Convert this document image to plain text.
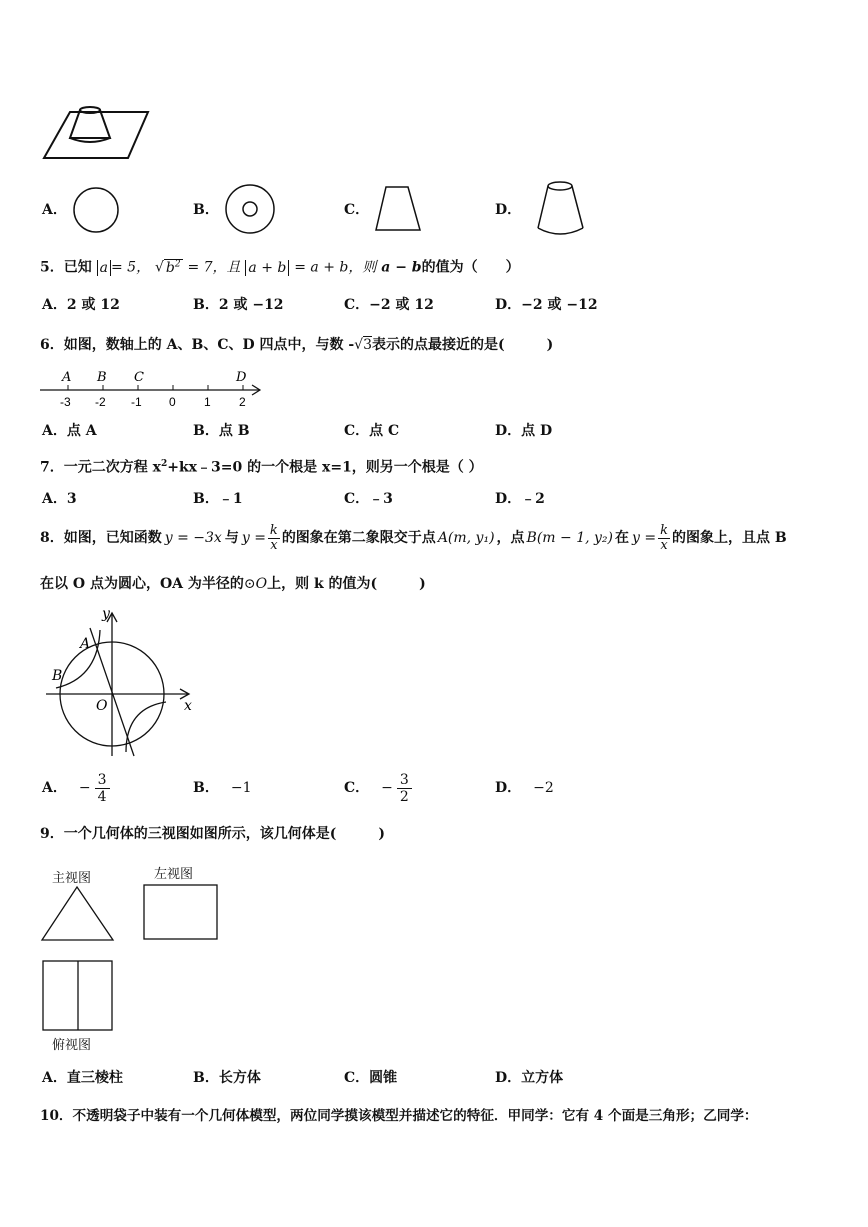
A．	B．	C．	D．
5．已知 a = 5， √ $b^2 = 7$，且 a + b = a + b，则 a − b的值为（　　）
A．2 或 12	B．2 或 −12	C．−2 或 12	D．−2 或 −12
6．如图，数轴上的 A、B、C、D 四点中，与数 -√3表示的点最接近的是(　　　)
A B C	D
-3 -2 -1 0 1 2
A．点 A	B．点 B	C．点 C	D．点 D
7．一元二次方程 $x^2+kx﹣3=0$ 的一个根是 x=1，则另一个根是（ ）
A．3	B．﹣1	C．﹣3	D．﹣2
8． 如图，已知函数 y = −3x 与 $y = \frac{k}{x}$ 的图象在第二象限交于点 A(m, y₁) ，点 B(m − 1, y₂) 在 $y = \frac{k}{x}$ 的图象上，且点 B
在以 O 点为圆心，OA 为半径的⊙O上，则 k 的值为(　　　)
y
x
A
B
O
A． − $\frac{3}{4}$	B． −1	C． − $\frac{3}{2}$	D． −2
9．一个几何体的三视图如图所示，该几何体是(　　　)
主视图	左视图
俯视图
A．直三棱柱	B．长方体	C．圆锥	D．立方体
10．不透明袋子中装有一个几何体模型，两位同学摸该模型并描述它的特征．甲同学：它有 4 个面是三角形；乙同学：
